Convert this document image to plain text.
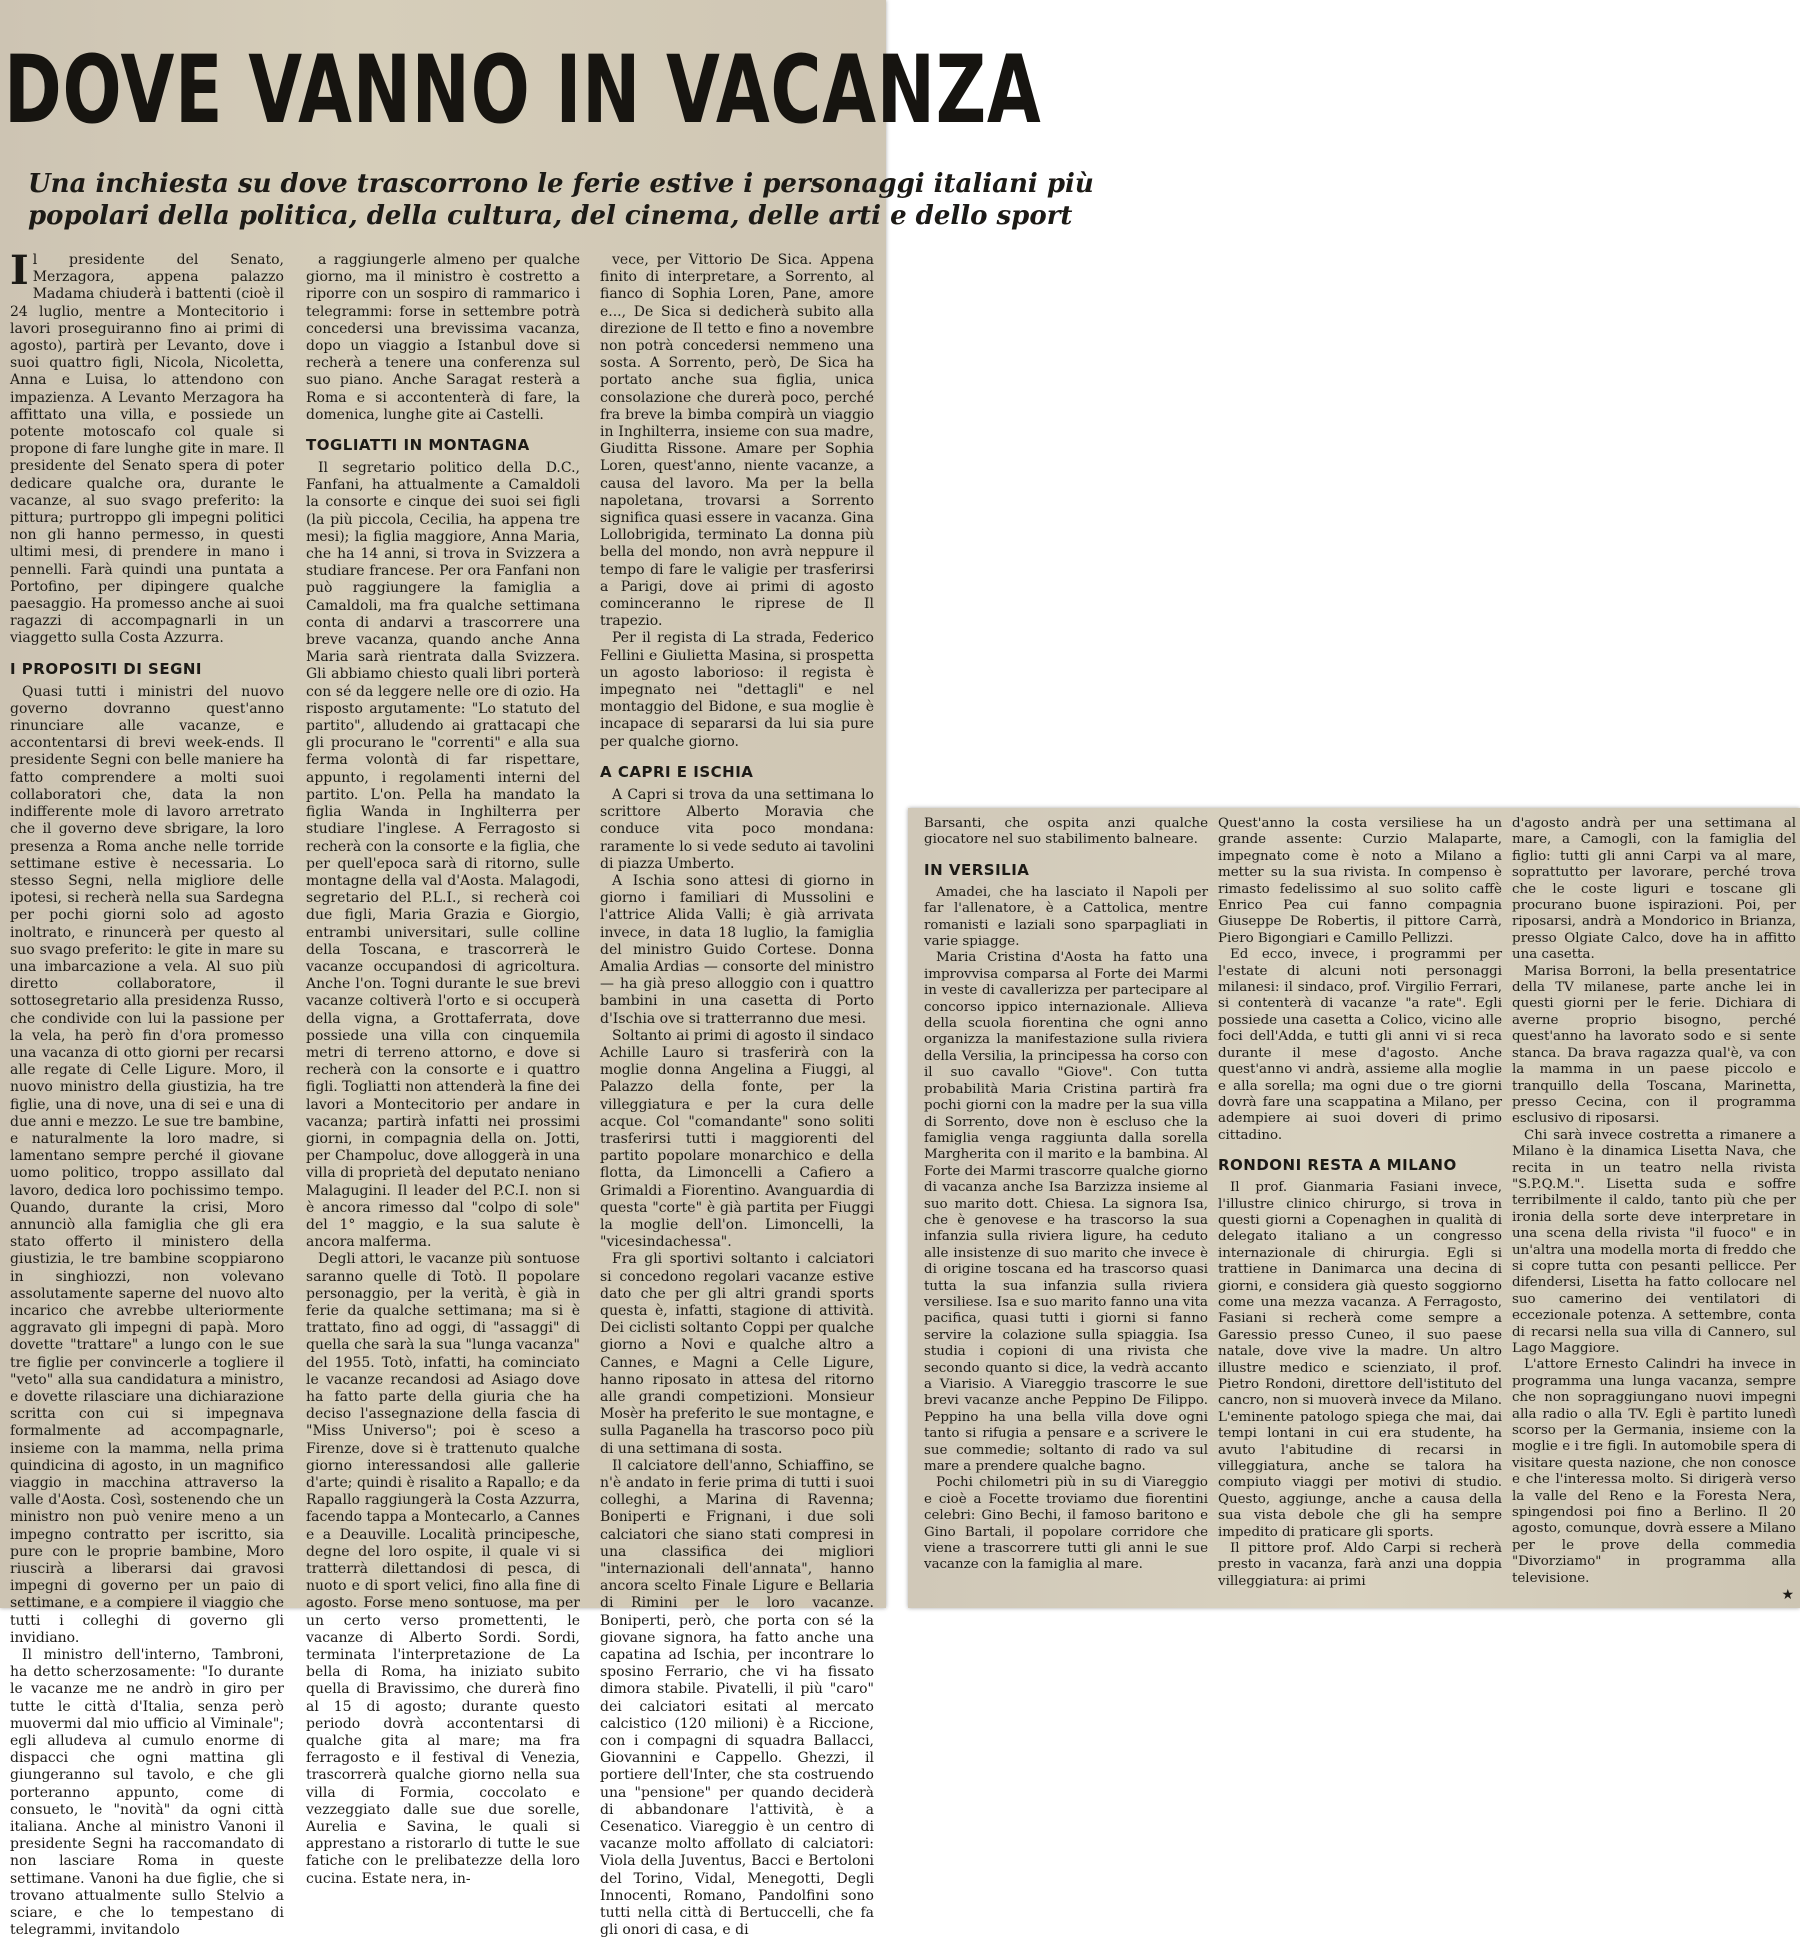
DOVE VANNO IN VACANZA
Una inchiesta su dove trascorrono le ferie estive i personaggi italiani più
popolari della politica, della cultura, del cinema, delle arti e dello sport

Il presidente del Senato, Merzagora, appena palazzo Madama chiuderà i battenti (cioè il 24 luglio, mentre a Montecitorio i lavori proseguiranno fino ai primi di agosto), partirà per Levanto, dove i suoi quattro figli, Nicola, Nicoletta, Anna e Luisa, lo attendono con impazienza. A Levanto Merzagora ha affittato una villa, e possiede un potente motoscafo col quale si propone di fare lunghe gite in mare. Il presidente del Senato spera di poter dedicare qualche ora, durante le vacanze, al suo svago preferito: la pittura; purtroppo gli impegni politici non gli hanno permesso, in questi ultimi mesi, di prendere in mano i pennelli. Farà quindi una puntata a Portofino, per dipingere qualche paesaggio. Ha promesso anche ai suoi ragazzi di accompagnarli in un viaggetto sulla Costa Azzurra.

I PROPOSITI DI SEGNI

Quasi tutti i ministri del nuovo governo dovranno quest'anno rinunciare alle vacanze, e accontentarsi di brevi week-ends. Il presidente Segni con belle maniere ha fatto comprendere a molti suoi collaboratori che, data la non indifferente mole di lavoro arretrato che il governo deve sbrigare, la loro presenza a Roma anche nelle torride settimane estive è necessaria. Lo stesso Segni, nella migliore delle ipotesi, si recherà nella sua Sardegna per pochi giorni solo ad agosto inoltrato, e rinuncerà per questo al suo svago preferito: le gite in mare su una imbarcazione a vela. Al suo più diretto collaboratore, il sottosegretario alla presidenza Russo, che condivide con lui la passione per la vela, ha però fin d'ora promesso una vacanza di otto giorni per recarsi alle regate di Celle Ligure. Moro, il nuovo ministro della giustizia, ha tre figlie, una di nove, una di sei e una di due anni e mezzo. Le sue tre bambine, e naturalmente la loro madre, si lamentano sempre perché il giovane uomo politico, troppo assillato dal lavoro, dedica loro pochissimo tempo. Quando, durante la crisi, Moro annunciò alla famiglia che gli era stato offerto il ministero della giustizia, le tre bambine scoppiarono in singhiozzi, non volevano assolutamente saperne del nuovo alto incarico che avrebbe ulteriormente aggravato gli impegni di papà. Moro dovette "trattare" a lungo con le sue tre figlie per convincerle a togliere il "veto" alla sua candidatura a ministro, e dovette rilasciare una dichiarazione scritta con cui si impegnava formalmente ad accompagnarle, insieme con la mamma, nella prima quindicina di agosto, in un magnifico viaggio in macchina attraverso la valle d'Aosta. Così, sostenendo che un ministro non può venire meno a un impegno contratto per iscritto, sia pure con le proprie bambine, Moro riuscirà a liberarsi dai gravosi impegni di governo per un paio di settimane, e a compiere il viaggio che tutti i colleghi di governo gli invidiano.

Il ministro dell'interno, Tambroni, ha detto scherzosamente: "Io durante le vacanze me ne andrò in giro per tutte le città d'Italia, senza però muovermi dal mio ufficio al Viminale"; egli alludeva al cumulo enorme di dispacci che ogni mattina gli giungeranno sul tavolo, e che gli porteranno appunto, come di consueto, le "novità" da ogni città italiana. Anche al ministro Vanoni il presidente Segni ha raccomandato di non lasciare Roma in queste settimane. Vanoni ha due figlie, che si trovano attualmente sullo Stelvio a sciare, e che lo tempestano di telegrammi, invitandolo

a raggiungerle almeno per qualche giorno, ma il ministro è costretto a riporre con un sospiro di rammarico i telegrammi: forse in settembre potrà concedersi una brevissima vacanza, dopo un viaggio a Istanbul dove si recherà a tenere una conferenza sul suo piano. Anche Saragat resterà a Roma e si accontenterà di fare, la domenica, lunghe gite ai Castelli.

TOGLIATTI IN MONTAGNA

Il segretario politico della D.C., Fanfani, ha attualmente a Camaldoli la consorte e cinque dei suoi sei figli (la più piccola, Cecilia, ha appena tre mesi); la figlia maggiore, Anna Maria, che ha 14 anni, si trova in Svizzera a studiare francese. Per ora Fanfani non può raggiungere la famiglia a Camaldoli, ma fra qualche settimana conta di andarvi a trascorrere una breve vacanza, quando anche Anna Maria sarà rientrata dalla Svizzera. Gli abbiamo chiesto quali libri porterà con sé da leggere nelle ore di ozio. Ha risposto argutamente: "Lo statuto del partito", alludendo ai grattacapi che gli procurano le "correnti" e alla sua ferma volontà di far rispettare, appunto, i regolamenti interni del partito. L'on. Pella ha mandato la figlia Wanda in Inghilterra per studiare l'inglese. A Ferragosto si recherà con la consorte e la figlia, che per quell'epoca sarà di ritorno, sulle montagne della val d'Aosta. Malagodi, segretario del P.L.I., si recherà coi due figli, Maria Grazia e Giorgio, entrambi universitari, sulle colline della Toscana, e trascorrerà le vacanze occupandosi di agricoltura. Anche l'on. Togni durante le sue brevi vacanze coltiverà l'orto e si occuperà della vigna, a Grottaferrata, dove possiede una villa con cinquemila metri di terreno attorno, e dove si recherà con la consorte e i quattro figli. Togliatti non attenderà la fine dei lavori a Montecitorio per andare in vacanza; partirà infatti nei prossimi giorni, in compagnia della on. Jotti, per Champoluc, dove alloggerà in una villa di proprietà del deputato neniano Malagugini. Il leader del P.C.I. non si è ancora rimesso dal "colpo di sole" del 1° maggio, e la sua salute è ancora malferma.

Degli attori, le vacanze più sontuose saranno quelle di Totò. Il popolare personaggio, per la verità, è già in ferie da qualche settimana; ma si è trattato, fino ad oggi, di "assaggi" di quella che sarà la sua "lunga vacanza" del 1955. Totò, infatti, ha cominciato le vacanze recandosi ad Asiago dove ha fatto parte della giuria che ha deciso l'assegnazione della fascia di "Miss Universo"; poi è sceso a Firenze, dove si è trattenuto qualche giorno interessandosi alle gallerie d'arte; quindi è risalito a Rapallo; e da Rapallo raggiungerà la Costa Azzurra, facendo tappa a Montecarlo, a Cannes e a Deauville. Località principesche, degne del loro ospite, il quale vi si tratterrà dilettandosi di pesca, di nuoto e di sport velici, fino alla fine di agosto. Forse meno sontuose, ma per un certo verso promettenti, le vacanze di Alberto Sordi. Sordi, terminata l'interpretazione de La bella di Roma, ha iniziato subito quella di Bravissimo, che durerà fino al 15 di agosto; durante questo periodo dovrà accontentarsi di qualche gita al mare; ma fra ferragosto e il festival di Venezia, trascorrerà qualche giorno nella sua villa di Formia, coccolato e vezzeggiato dalle sue due sorelle, Aurelia e Savina, le quali si apprestano a ristorarlo di tutte le sue fatiche con le prelibatezze della loro cucina. Estate nera, in-

vece, per Vittorio De Sica. Appena finito di interpretare, a Sorrento, al fianco di Sophia Loren, Pane, amore e..., De Sica si dedicherà subito alla direzione de Il tetto e fino a novembre non potrà concedersi nemmeno una sosta. A Sorrento, però, De Sica ha portato anche sua figlia, unica consolazione che durerà poco, perché fra breve la bimba compirà un viaggio in Inghilterra, insieme con sua madre, Giuditta Rissone. Amare per Sophia Loren, quest'anno, niente vacanze, a causa del lavoro. Ma per la bella napoletana, trovarsi a Sorrento significa quasi essere in vacanza. Gina Lollobrigida, terminato La donna più bella del mondo, non avrà neppure il tempo di fare le valigie per trasferirsi a Parigi, dove ai primi di agosto cominceranno le riprese de Il trapezio.

Per il regista di La strada, Federico Fellini e Giulietta Masina, si prospetta un agosto laborioso: il regista è impegnato nei "dettagli" e nel montaggio del Bidone, e sua moglie è incapace di separarsi da lui sia pure per qualche giorno.

A CAPRI E ISCHIA

A Capri si trova da una settimana lo scrittore Alberto Moravia che conduce vita poco mondana: raramente lo si vede seduto ai tavolini di piazza Umberto.

A Ischia sono attesi di giorno in giorno i familiari di Mussolini e l'attrice Alida Valli; è già arrivata invece, in data 18 luglio, la famiglia del ministro Guido Cortese. Donna Amalia Ardias — consorte del ministro — ha già preso alloggio con i quattro bambini in una casetta di Porto d'Ischia ove si tratterranno due mesi.

Soltanto ai primi di agosto il sindaco Achille Lauro si trasferirà con la moglie donna Angelina a Fiuggi, al Palazzo della fonte, per la villeggiatura e per la cura delle acque. Col "comandante" sono soliti trasferirsi tutti i maggiorenti del partito popolare monarchico e della flotta, da Limoncelli a Cafiero a Grimaldi a Fiorentino. Avanguardia di questa "corte" è già partita per Fiuggi la moglie dell'on. Limoncelli, la "vicesindachessa".

Fra gli sportivi soltanto i calciatori si concedono regolari vacanze estive dato che per gli altri grandi sports questa è, infatti, stagione di attività. Dei ciclisti soltanto Coppi per qualche giorno a Novi e qualche altro a Cannes, e Magni a Celle Ligure, hanno riposato in attesa del ritorno alle grandi competizioni. Monsieur Mosèr ha preferito le sue montagne, e sulla Paganella ha trascorso poco più di una settimana di sosta.

Il calciatore dell'anno, Schiaffino, se n'è andato in ferie prima di tutti i suoi colleghi, a Marina di Ravenna; Boniperti e Frignani, i due soli calciatori che siano stati compresi in una classifica dei migliori "internazionali dell'annata", hanno ancora scelto Finale Ligure e Bellaria di Rimini per le loro vacanze. Boniperti, però, che porta con sé la giovane signora, ha fatto anche una capatina ad Ischia, per incontrare lo sposino Ferrario, che vi ha fissato dimora stabile. Pivatelli, il più "caro" dei calciatori esitati al mercato calcistico (120 milioni) è a Riccione, con i compagni di squadra Ballacci, Giovannini e Cappello. Ghezzi, il portiere dell'Inter, che sta costruendo una "pensione" per quando deciderà di abbandonare l'attività, è a Cesenatico. Viareggio è un centro di vacanze molto affollato di calciatori: Viola della Juventus, Bacci e Bertoloni del Torino, Vidal, Menegotti, Degli Innocenti, Romano, Pandolfini sono tutti nella città di Bertuccelli, che fa gli onori di casa, e di

Barsanti, che ospita anzi qualche giocatore nel suo stabilimento balneare.

IN VERSILIA

Amadei, che ha lasciato il Napoli per far l'allenatore, è a Cattolica, mentre romanisti e laziali sono sparpagliati in varie spiagge.

Maria Cristina d'Aosta ha fatto una improvvisa comparsa al Forte dei Marmi in veste di cavallerizza per partecipare al concorso ippico internazionale. Allieva della scuola fiorentina che ogni anno organizza la manifestazione sulla riviera della Versilia, la principessa ha corso con il suo cavallo "Giove". Con tutta probabilità Maria Cristina partirà fra pochi giorni con la madre per la sua villa di Sorrento, dove non è escluso che la famiglia venga raggiunta dalla sorella Margherita con il marito e la bambina. Al Forte dei Marmi trascorre qualche giorno di vacanza anche Isa Barzizza insieme al suo marito dott. Chiesa. La signora Isa, che è genovese e ha trascorso la sua infanzia sulla riviera ligure, ha ceduto alle insistenze di suo marito che invece è di origine toscana ed ha trascorso quasi tutta la sua infanzia sulla riviera versiliese. Isa e suo marito fanno una vita pacifica, quasi tutti i giorni si fanno servire la colazione sulla spiaggia. Isa studia i copioni di una rivista che secondo quanto si dice, la vedrà accanto a Viarisio. A Viareggio trascorre le sue brevi vacanze anche Peppino De Filippo. Peppino ha una bella villa dove ogni tanto si rifugia a pensare e a scrivere le sue commedie; soltanto di rado va sul mare a prendere qualche bagno.

Pochi chilometri più in su di Viareggio e cioè a Focette troviamo due fiorentini celebri: Gino Bechi, il famoso baritono e Gino Bartali, il popolare corridore che viene a trascorrere tutti gli anni le sue vacanze con la famiglia al mare.

Quest'anno la costa versiliese ha un grande assente: Curzio Malaparte, impegnato come è noto a Milano a metter su la sua rivista. In compenso è rimasto fedelissimo al suo solito caffè Enrico Pea cui fanno compagnia Giuseppe De Robertis, il pittore Carrà, Piero Bigongiari e Camillo Pellizzi.

Ed ecco, invece, i programmi per l'estate di alcuni noti personaggi milanesi: il sindaco, prof. Virgilio Ferrari, si contenterà di vacanze "a rate". Egli possiede una casetta a Colico, vicino alle foci dell'Adda, e tutti gli anni vi si reca durante il mese d'agosto. Anche quest'anno vi andrà, assieme alla moglie e alla sorella; ma ogni due o tre giorni dovrà fare una scappatina a Milano, per adempiere ai suoi doveri di primo cittadino.

RONDONI RESTA A MILANO

Il prof. Gianmaria Fasiani invece, l'illustre clinico chirurgo, si trova in questi giorni a Copenaghen in qualità di delegato italiano a un congresso internazionale di chirurgia. Egli si trattiene in Danimarca una decina di giorni, e considera già questo soggiorno come una mezza vacanza. A Ferragosto, Fasiani si recherà come sempre a Garessio presso Cuneo, il suo paese natale, dove vive la madre. Un altro illustre medico e scienziato, il prof. Pietro Rondoni, direttore dell'istituto del cancro, non si muoverà invece da Milano. L'eminente patologo spiega che mai, dai tempi lontani in cui era studente, ha avuto l'abitudine di recarsi in villeggiatura, anche se talora ha compiuto viaggi per motivi di studio. Questo, aggiunge, anche a causa della sua vista debole che gli ha sempre impedito di praticare gli sports.

Il pittore prof. Aldo Carpi si recherà presto in vacanza, farà anzi una doppia villeggiatura: ai primi

d'agosto andrà per una settimana al mare, a Camogli, con la famiglia del figlio: tutti gli anni Carpi va al mare, soprattutto per lavorare, perché trova che le coste liguri e toscane gli procurano buone ispirazioni. Poi, per riposarsi, andrà a Mondorico in Brianza, presso Olgiate Calco, dove ha in affitto una casetta.

Marisa Borroni, la bella presentatrice della TV milanese, parte anche lei in questi giorni per le ferie. Dichiara di averne proprio bisogno, perché quest'anno ha lavorato sodo e si sente stanca. Da brava ragazza qual'è, va con la mamma in un paese piccolo e tranquillo della Toscana, Marinetta, presso Cecina, con il programma esclusivo di riposarsi.

Chi sarà invece costretta a rimanere a Milano è la dinamica Lisetta Nava, che recita in un teatro nella rivista "S.P.Q.M.". Lisetta suda e soffre terribilmente il caldo, tanto più che per ironia della sorte deve interpretare in una scena della rivista "il fuoco" e in un'altra una modella morta di freddo che si copre tutta con pesanti pellicce. Per difendersi, Lisetta ha fatto collocare nel suo camerino dei ventilatori di eccezionale potenza. A settembre, conta di recarsi nella sua villa di Cannero, sul Lago Maggiore.

L'attore Ernesto Calindri ha invece in programma una lunga vacanza, sempre che non sopraggiungano nuovi impegni alla radio o alla TV. Egli è partito lunedì scorso per la Germania, insieme con la moglie e i tre figli. In automobile spera di visitare questa nazione, che non conosce e che l'interessa molto. Si dirigerà verso la valle del Reno e la Foresta Nera, spingendosi poi fino a Berlino. Il 20 agosto, comunque, dovrà essere a Milano per le prove della commedia "Divorziamo" in programma alla televisione.

★
